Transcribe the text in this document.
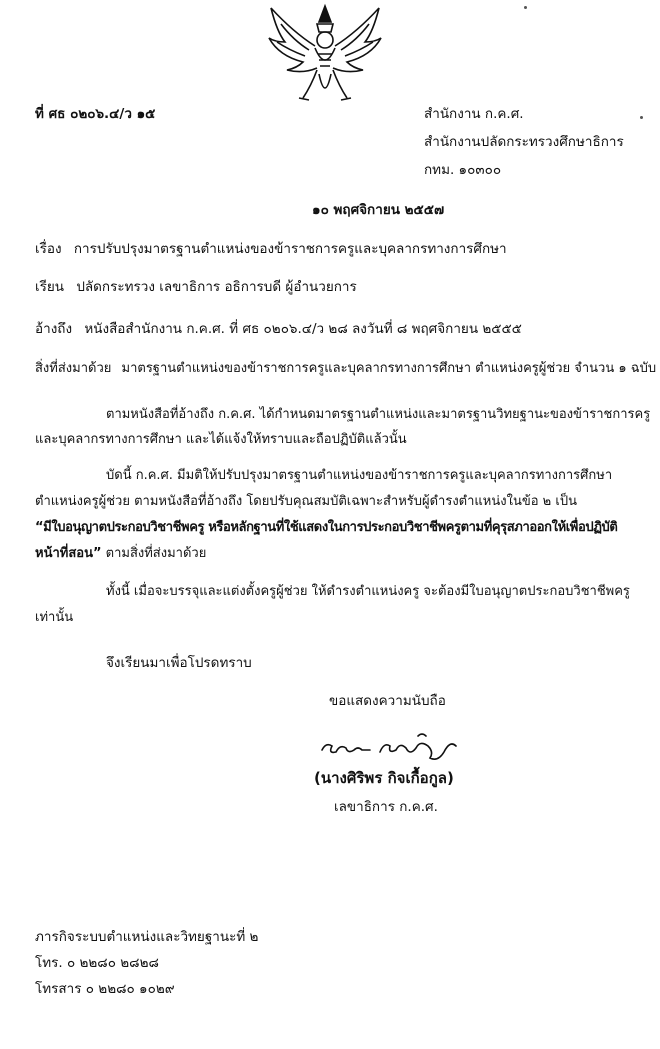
ที่ ศธ ๐๒๐๖.๔/ว ๑๕	สำนักงาน ก.ค.ศ.
สำนักงานปลัดกระทรวงศึกษาธิการ
กทม. ๑๐๓๐๐
๑๐ พฤศจิกายน ๒๕๕๗
เรื่อง การปรับปรุงมาตรฐานตำแหน่งของข้าราชการครูและบุคลากรทางการศึกษา
เรียน ปลัดกระทรวง เลขาธิการ อธิการบดี ผู้อำนวยการ
อ้างถึง หนังสือสำนักงาน ก.ค.ศ. ที่ ศธ ๐๒๐๖.๔/ว ๒๘ ลงวันที่ ๘ พฤศจิกายน ๒๕๕๕
สิ่งที่ส่งมาด้วย มาตรฐานตำแหน่งของข้าราชการครูและบุคลากรทางการศึกษา ตำแหน่งครูผู้ช่วย จำนวน ๑ ฉบับ
ตามหนังสือที่อ้างถึง ก.ค.ศ. ได้กำหนดมาตรฐานตำแหน่งและมาตรฐานวิทยฐานะของข้าราชการครู
และบุคลากรทางการศึกษา และได้แจ้งให้ทราบและถือปฏิบัติแล้วนั้น
บัดนี้ ก.ค.ศ. มีมติให้ปรับปรุงมาตรฐานตำแหน่งของข้าราชการครูและบุคลากรทางการศึกษา
ตำแหน่งครูผู้ช่วย ตามหนังสือที่อ้างถึง โดยปรับคุณสมบัติเฉพาะสำหรับผู้ดำรงตำแหน่งในข้อ ๒ เป็น
“มีใบอนุญาตประกอบวิชาชีพครู หรือหลักฐานที่ใช้แสดงในการประกอบวิชาชีพครูตามที่คุรุสภาออกให้เพื่อปฏิบัติ
หน้าที่สอน” ตามสิ่งที่ส่งมาด้วย
ทั้งนี้ เมื่อจะบรรจุและแต่งตั้งครูผู้ช่วย ให้ดำรงตำแหน่งครู จะต้องมีใบอนุญาตประกอบวิชาชีพครู
เท่านั้น
จึงเรียนมาเพื่อโปรดทราบ
ขอแสดงความนับถือ
(นางศิริพร กิจเกื้อกูล)
เลขาธิการ ก.ค.ศ.
ภารกิจระบบตำแหน่งและวิทยฐานะที่ ๒
โทร. ๐ ๒๒๘๐ ๒๘๒๘
โทรสาร ๐ ๒๒๘๐ ๑๐๒๙
